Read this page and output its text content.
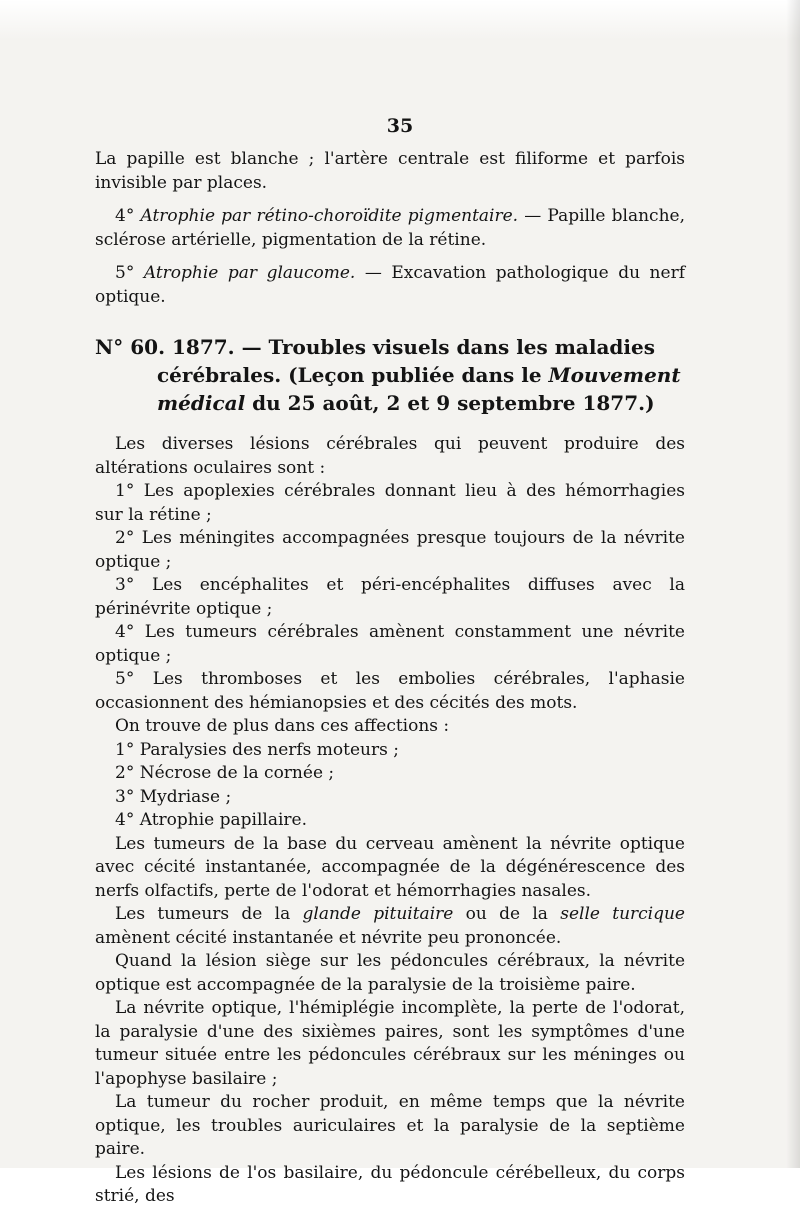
35

La papille est blanche ; l'artère centrale est filiforme et parfois invisible par places.

4° Atrophie par rétino-choroïdite pigmentaire. — Papille blanche, sclérose artérielle, pigmentation de la rétine.

5° Atrophie par glaucome. — Excavation pathologique du nerf optique.

N° 60. 1877. — Troubles visuels dans les maladies cérébrales. (Leçon publiée dans le Mouvement médical du 25 août, 2 et 9 septembre 1877.)

Les diverses lésions cérébrales qui peuvent produire des altérations oculaires sont :

1° Les apoplexies cérébrales donnant lieu à des hémorrhagies sur la rétine ;

2° Les méningites accompagnées presque toujours de la névrite optique ;

3° Les encéphalites et péri-encéphalites diffuses avec la périnévrite optique ;

4° Les tumeurs cérébrales amènent constamment une névrite optique ;

5° Les thromboses et les embolies cérébrales, l'aphasie occasionnent des hémianopsies et des cécités des mots.

On trouve de plus dans ces affections :

1° Paralysies des nerfs moteurs ;

2° Nécrose de la cornée ;

3° Mydriase ;

4° Atrophie papillaire.

Les tumeurs de la base du cerveau amènent la névrite optique avec cécité instantanée, accompagnée de la dégénérescence des nerfs olfactifs, perte de l'odorat et hémorrhagies nasales.

Les tumeurs de la glande pituitaire ou de la selle turcique amènent cécité instantanée et névrite peu prononcée.

Quand la lésion siège sur les pédoncules cérébraux, la névrite optique est accompagnée de la paralysie de la troisième paire.

La névrite optique, l'hémiplégie incomplète, la perte de l'odorat, la paralysie d'une des sixièmes paires, sont les symptômes d'une tumeur située entre les pédoncules cérébraux sur les méninges ou l'apophyse basilaire ;

La tumeur du rocher produit, en même temps que la névrite optique, les troubles auriculaires et la paralysie de la septième paire.

Les lésions de l'os basilaire, du pédoncule cérébelleux, du corps strié, des
